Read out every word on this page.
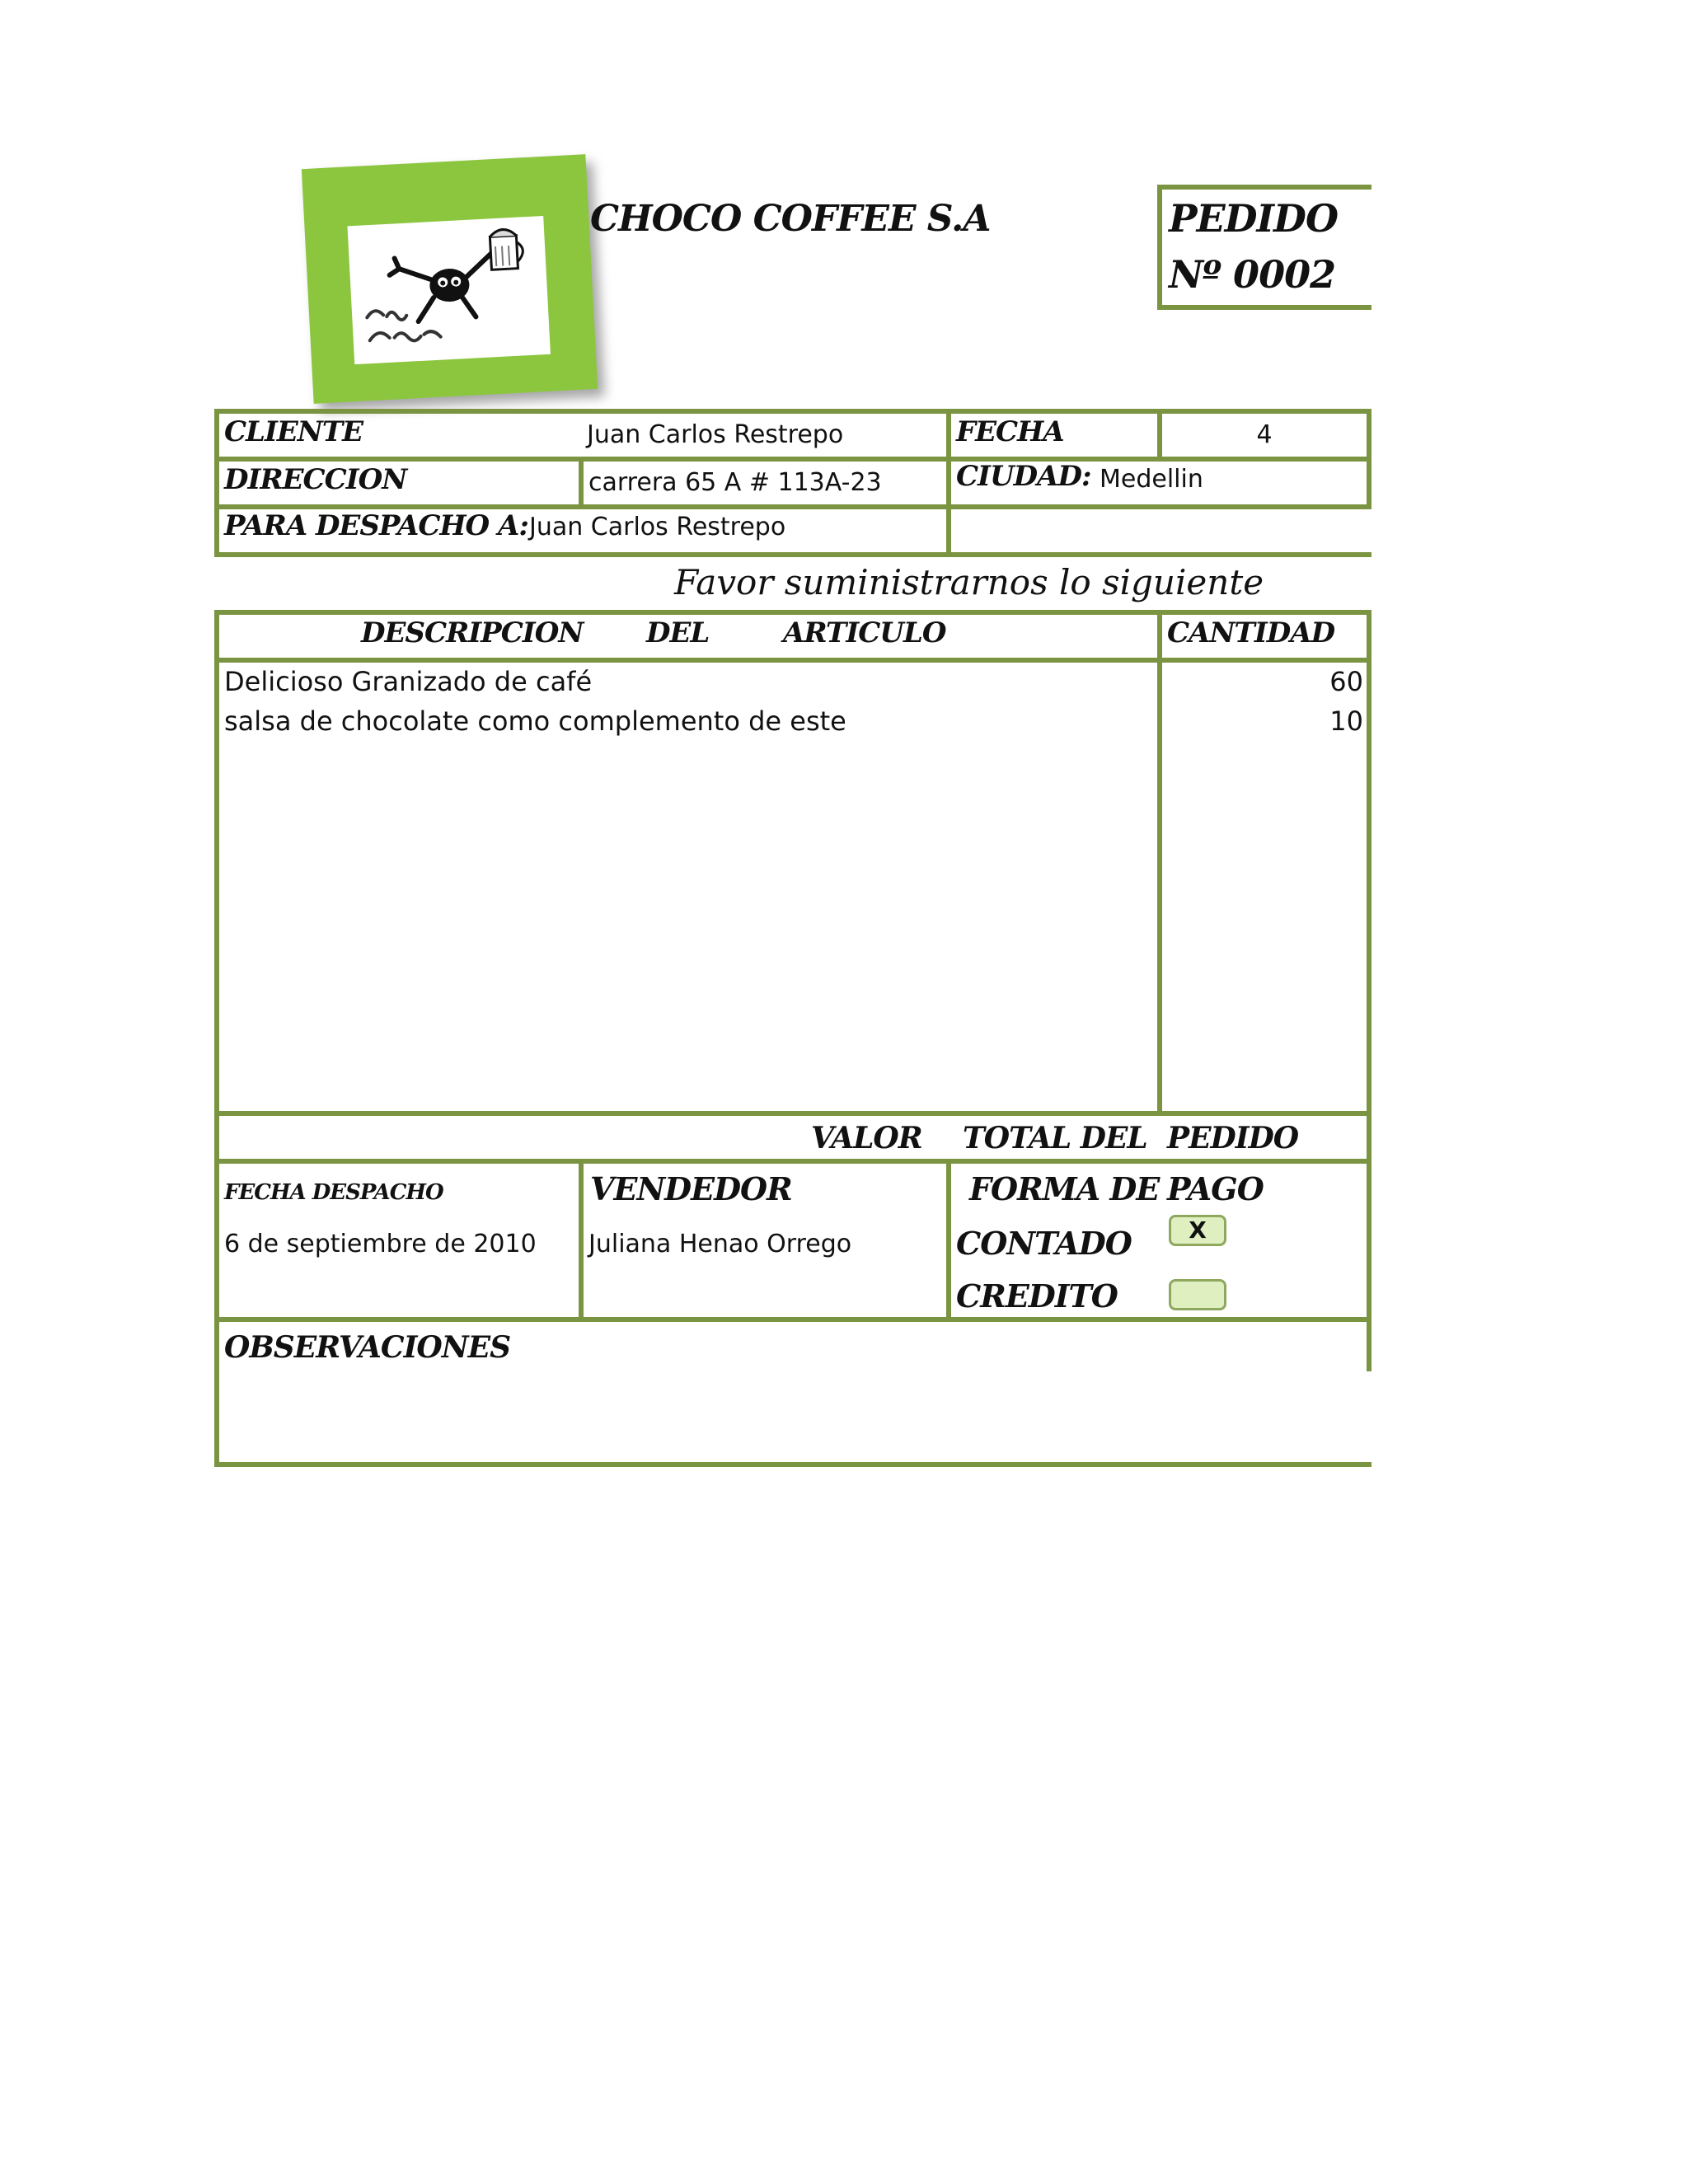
CHOCO COFFEE S.A	PEDIDO
Nº 0002
CLIENTE	Juan Carlos Restrepo	FECHA	4
DIRECCION	carrera 65 A # 113A-23	CIUDAD: Medellin
PARA DESPACHO A: Juan Carlos Restrepo
Favor suministrarnos lo siguiente
DESCRIPCION DEL	ARTICULO	CANTIDAD
Delicioso Granizado de café	60
salsa de chocolate como complemento de este	10
VALOR TOTAL DEL PEDIDO
FECHA DESPACHO
6 de septiembre de 2010
VENDEDOR
Juliana Henao Orrego
FORMA DE PAGO
CONTADO	X
CREDITO
OBSERVACIONES
